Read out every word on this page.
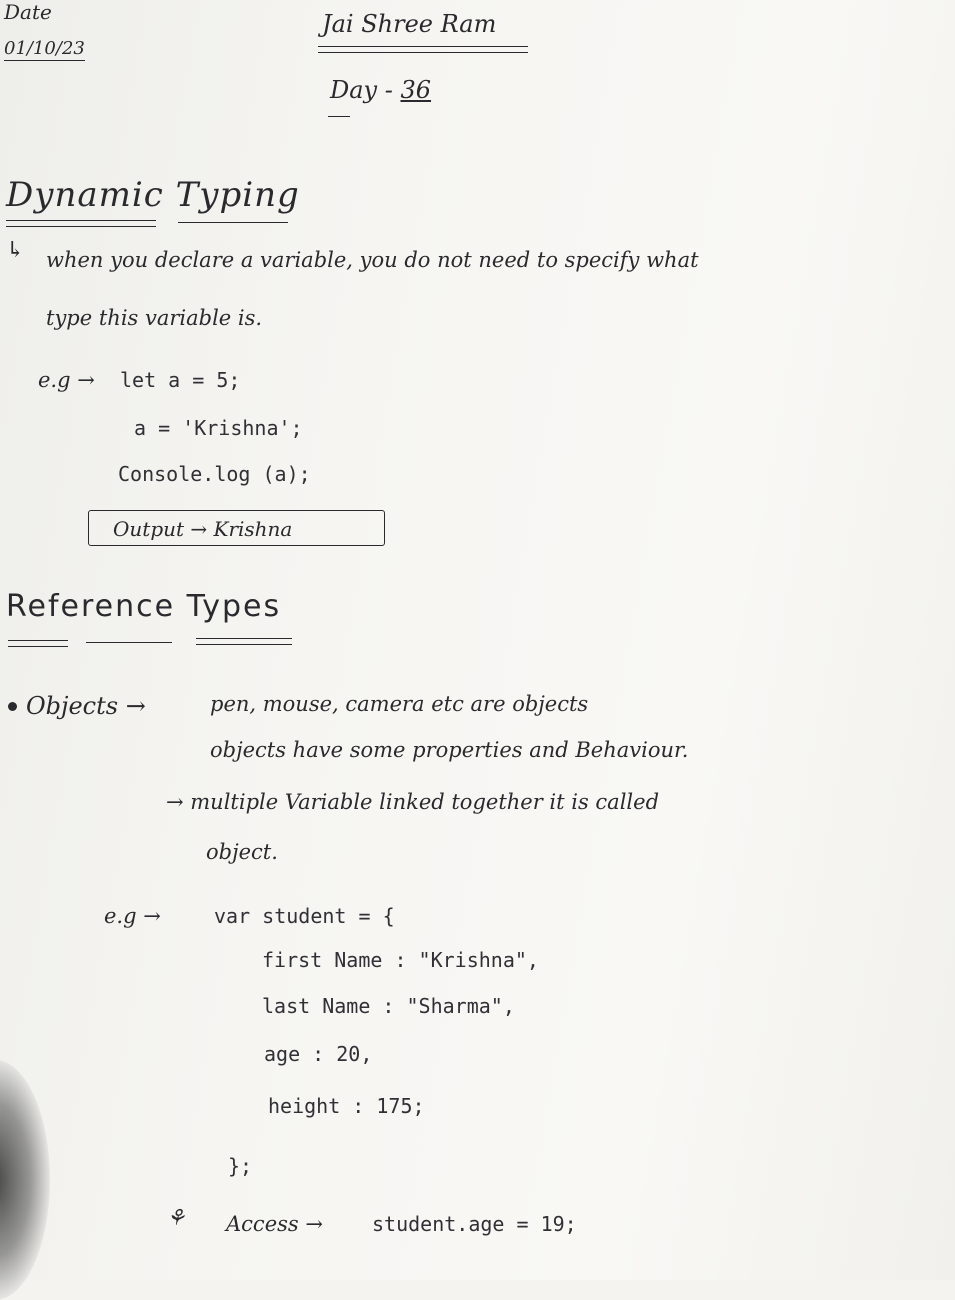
Date
01/10/23
Jai Shree Ram
Day - 36
Dynamic Typing
↳ when you declare a variable, you do not need to specify what
type this variable is.
e.g → let a = 5;
a = 'Krishna';
Console.log (a);
Output → Krishna
Reference Types
Objects →	pen, mouse, camera etc are objects
objects have some properties and Behaviour.
→ multiple Variable linked together it is called
object.
e.g →	var student = {
first Name : "Krishna",
last Name : "Sharma",
age : 20,
height : 175;
};
⚘ Access → student.age = 19;
